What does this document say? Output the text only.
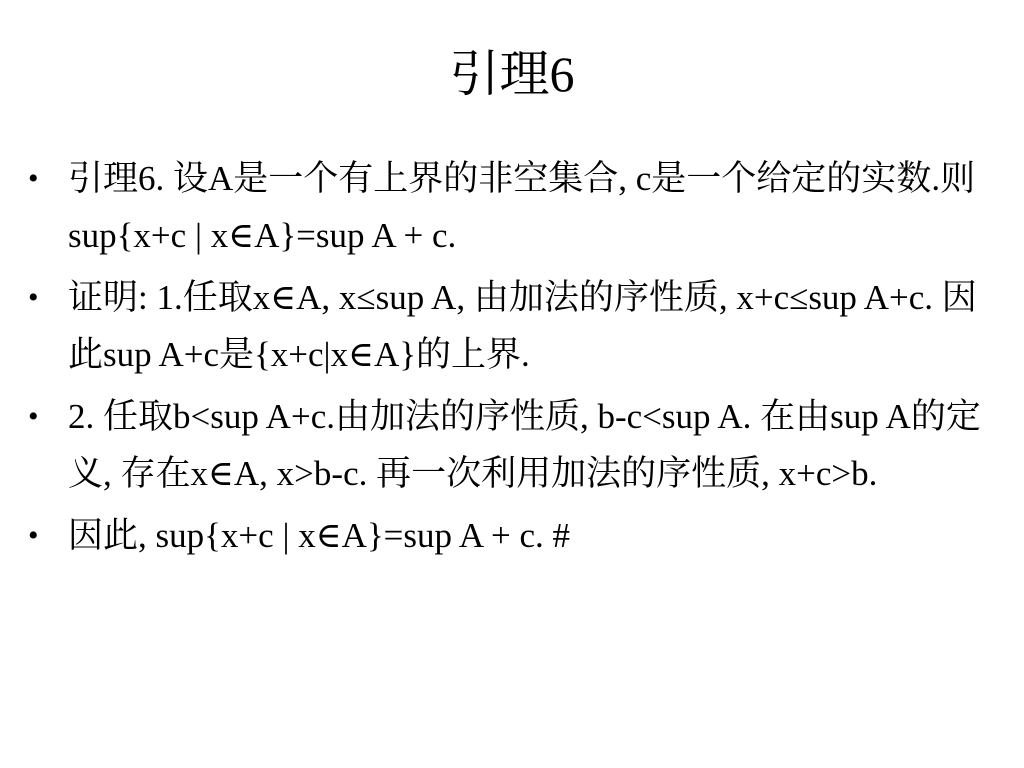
引理6
• 引理6. 设A是一个有上界的非空集合, c是一个给定的实数.则sup{x+c | x∈A}=sup A + c.
• 证明: 1.任取x∈A, x≤sup A, 由加法的序性质, x+c≤sup A+c. 因此sup A+c是{x+c|x∈A}的上界.
• 2. 任取b<sup A+c.由加法的序性质, b-c<sup A. 在由sup A的定义, 存在x∈A, x>b-c. 再一次利用加法的序性质, x+c>b.
• 因此, sup{x+c | x∈A}=sup A + c. #
